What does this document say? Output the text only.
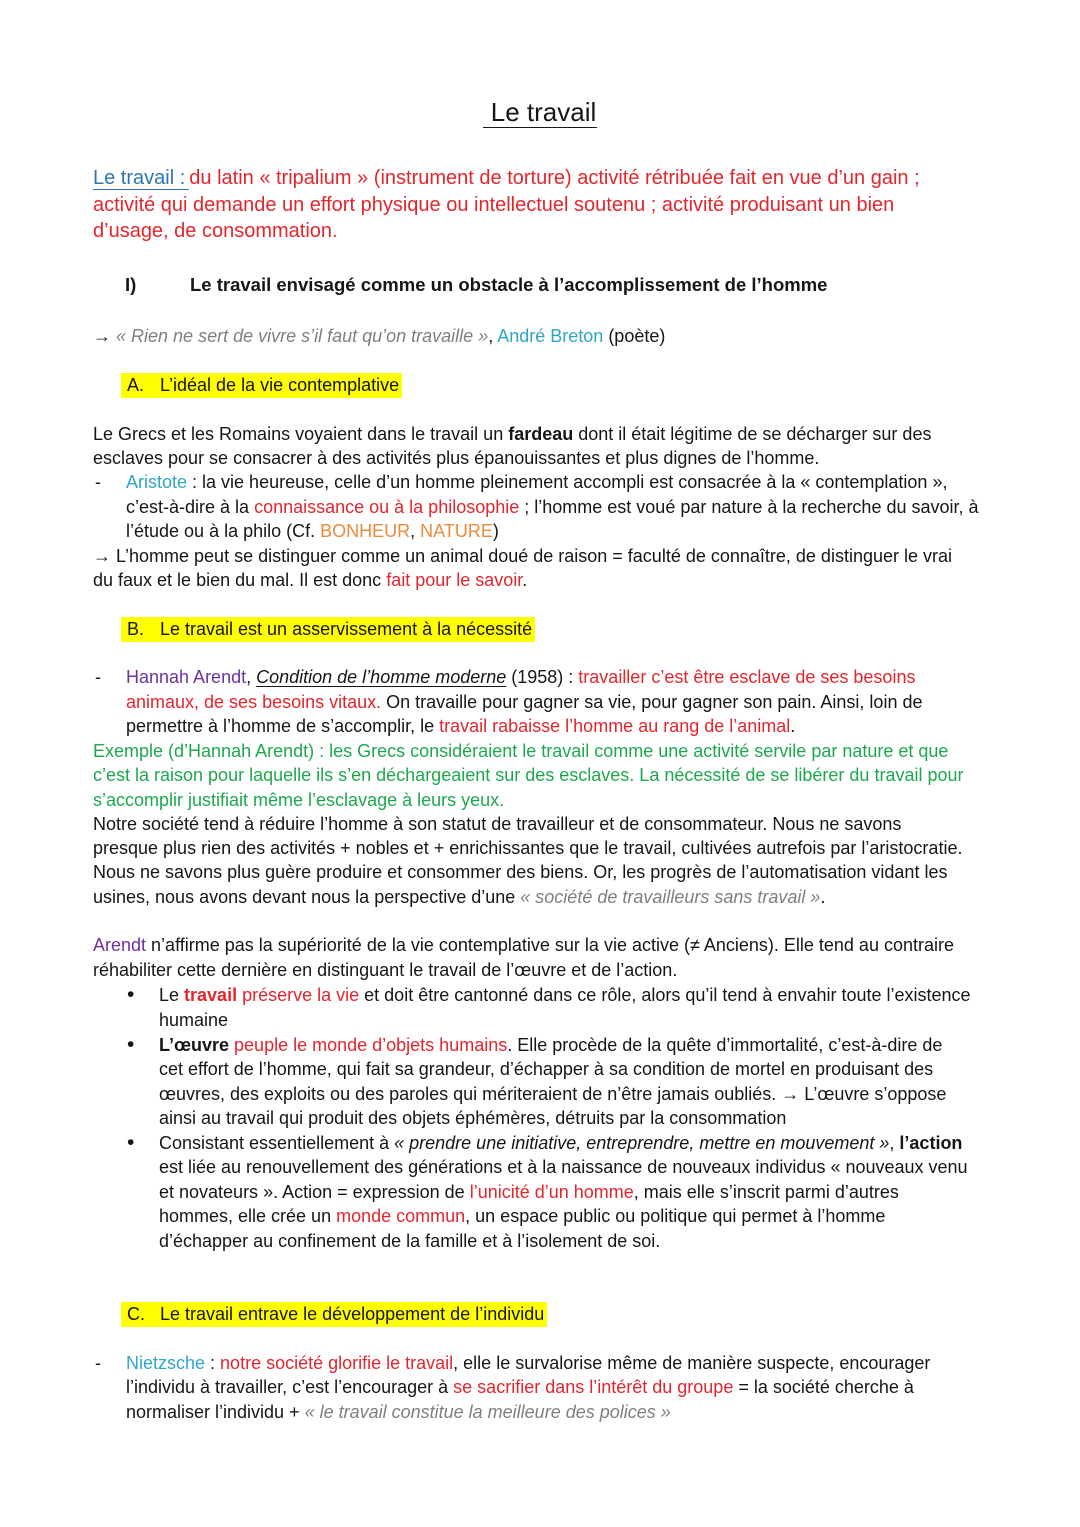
Le travail
Le travail : du latin « tripalium » (instrument de torture) activité rétribuée fait en vue d’un gain ;
activité qui demande un effort physique ou intellectuel soutenu ; activité produisant un bien
d’usage, de consommation.
I)	Le travail envisagé comme un obstacle à l’accomplissement de l’homme
→ « Rien ne sert de vivre s’il faut qu’on travaille », André Breton (poète)
A. L’idéal de la vie contemplative
Le Grecs et les Romains voyaient dans le travail un fardeau dont il était légitime de se décharger sur des
esclaves pour se consacrer à des activités plus épanouissantes et plus dignes de l’homme.
- Aristote : la vie heureuse, celle d’un homme pleinement accompli est consacrée à la « contemplation »,
c’est-à-dire à la connaissance ou à la philosophie ; l’homme est voué par nature à la recherche du savoir, à
l’étude ou à la philo (Cf. BONHEUR, NATURE)
→ L’homme peut se distinguer comme un animal doué de raison = faculté de connaître, de distinguer le vrai
du faux et le bien du mal. Il est donc fait pour le savoir.
B. Le travail est un asservissement à la nécessité
- Hannah Arendt, Condition de l’homme moderne (1958) : travailler c’est être esclave de ses besoins
animaux, de ses besoins vitaux. On travaille pour gagner sa vie, pour gagner son pain. Ainsi, loin de
permettre à l’homme de s’accomplir, le travail rabaisse l’homme au rang de l’animal.
Exemple (d’Hannah Arendt) : les Grecs considéraient le travail comme une activité servile par nature et que
c’est la raison pour laquelle ils s’en déchargeaient sur des esclaves. La nécessité de se libérer du travail pour
s’accomplir justifiait même l’esclavage à leurs yeux.
Notre société tend à réduire l’homme à son statut de travailleur et de consommateur. Nous ne savons
presque plus rien des activités + nobles et + enrichissantes que le travail, cultivées autrefois par l’aristocratie.
Nous ne savons plus guère produire et consommer des biens. Or, les progrès de l’automatisation vidant les
usines, nous avons devant nous la perspective d’une « société de travailleurs sans travail ».
Arendt n’affirme pas la supériorité de la vie contemplative sur la vie active (≠ Anciens). Elle tend au contraire
réhabiliter cette dernière en distinguant le travail de l’œuvre et de l’action.
• Le travail préserve la vie et doit être cantonné dans ce rôle, alors qu’il tend à envahir toute l’existence
humaine
• L’œuvre peuple le monde d’objets humains. Elle procède de la quête d’immortalité, c’est-à-dire de
cet effort de l’homme, qui fait sa grandeur, d’échapper à sa condition de mortel en produisant des
œuvres, des exploits ou des paroles qui mériteraient de n’être jamais oubliés. → L’œuvre s’oppose
ainsi au travail qui produit des objets éphémères, détruits par la consommation
• Consistant essentiellement à « prendre une initiative, entreprendre, mettre en mouvement », l’action
est liée au renouvellement des générations et à la naissance de nouveaux individus « nouveaux venu
et novateurs ». Action = expression de l’unicité d’un homme, mais elle s’inscrit parmi d’autres
hommes, elle crée un monde commun, un espace public ou politique qui permet à l’homme
d’échapper au confinement de la famille et à l’isolement de soi.
C. Le travail entrave le développement de l’individu
- Nietzsche : notre société glorifie le travail, elle le survalorise même de manière suspecte, encourager
l’individu à travailler, c’est l’encourager à se sacrifier dans l’intérêt du groupe = la société cherche à
normaliser l’individu + « le travail constitue la meilleure des polices »
